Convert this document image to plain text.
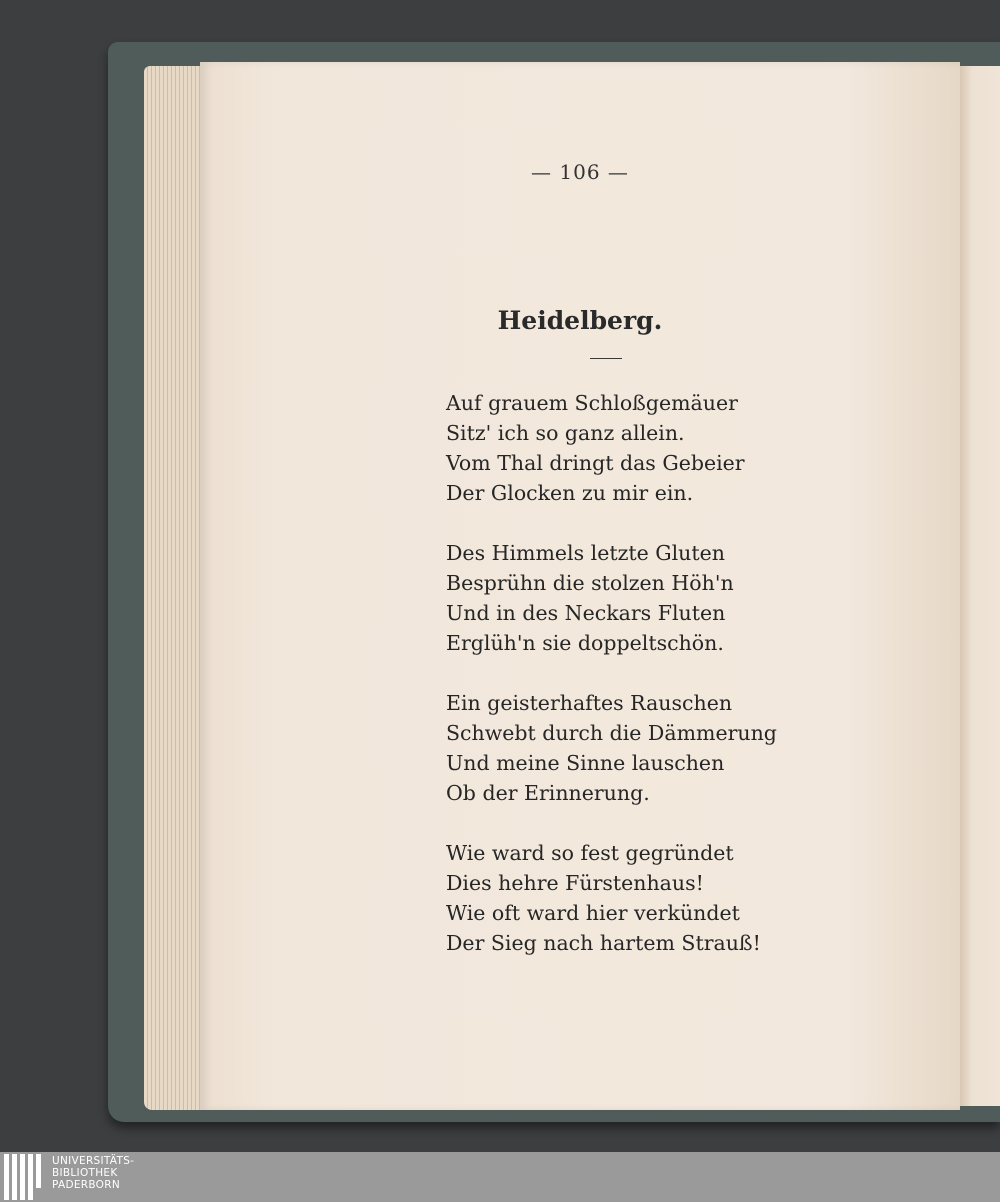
— 106 —
Heidelberg.
Auf grauem Schloßgemäuer
Sitz' ich so ganz allein.
Vom Thal dringt das Gebeier
Der Glocken zu mir ein.
Des Himmels letzte Gluten
Besprühn die stolzen Höh'n
Und in des Neckars Fluten
Erglüh'n sie doppeltschön.
Ein geisterhaftes Rauschen
Schwebt durch die Dämmerung
Und meine Sinne lauschen
Ob der Erinnerung.
Wie ward so fest gegründet
Dies hehre Fürstenhaus!
Wie oft ward hier verkündet
Der Sieg nach hartem Strauß!
UNIVERSITÄTS-
BIBLIOTHEK
PADERBORN
